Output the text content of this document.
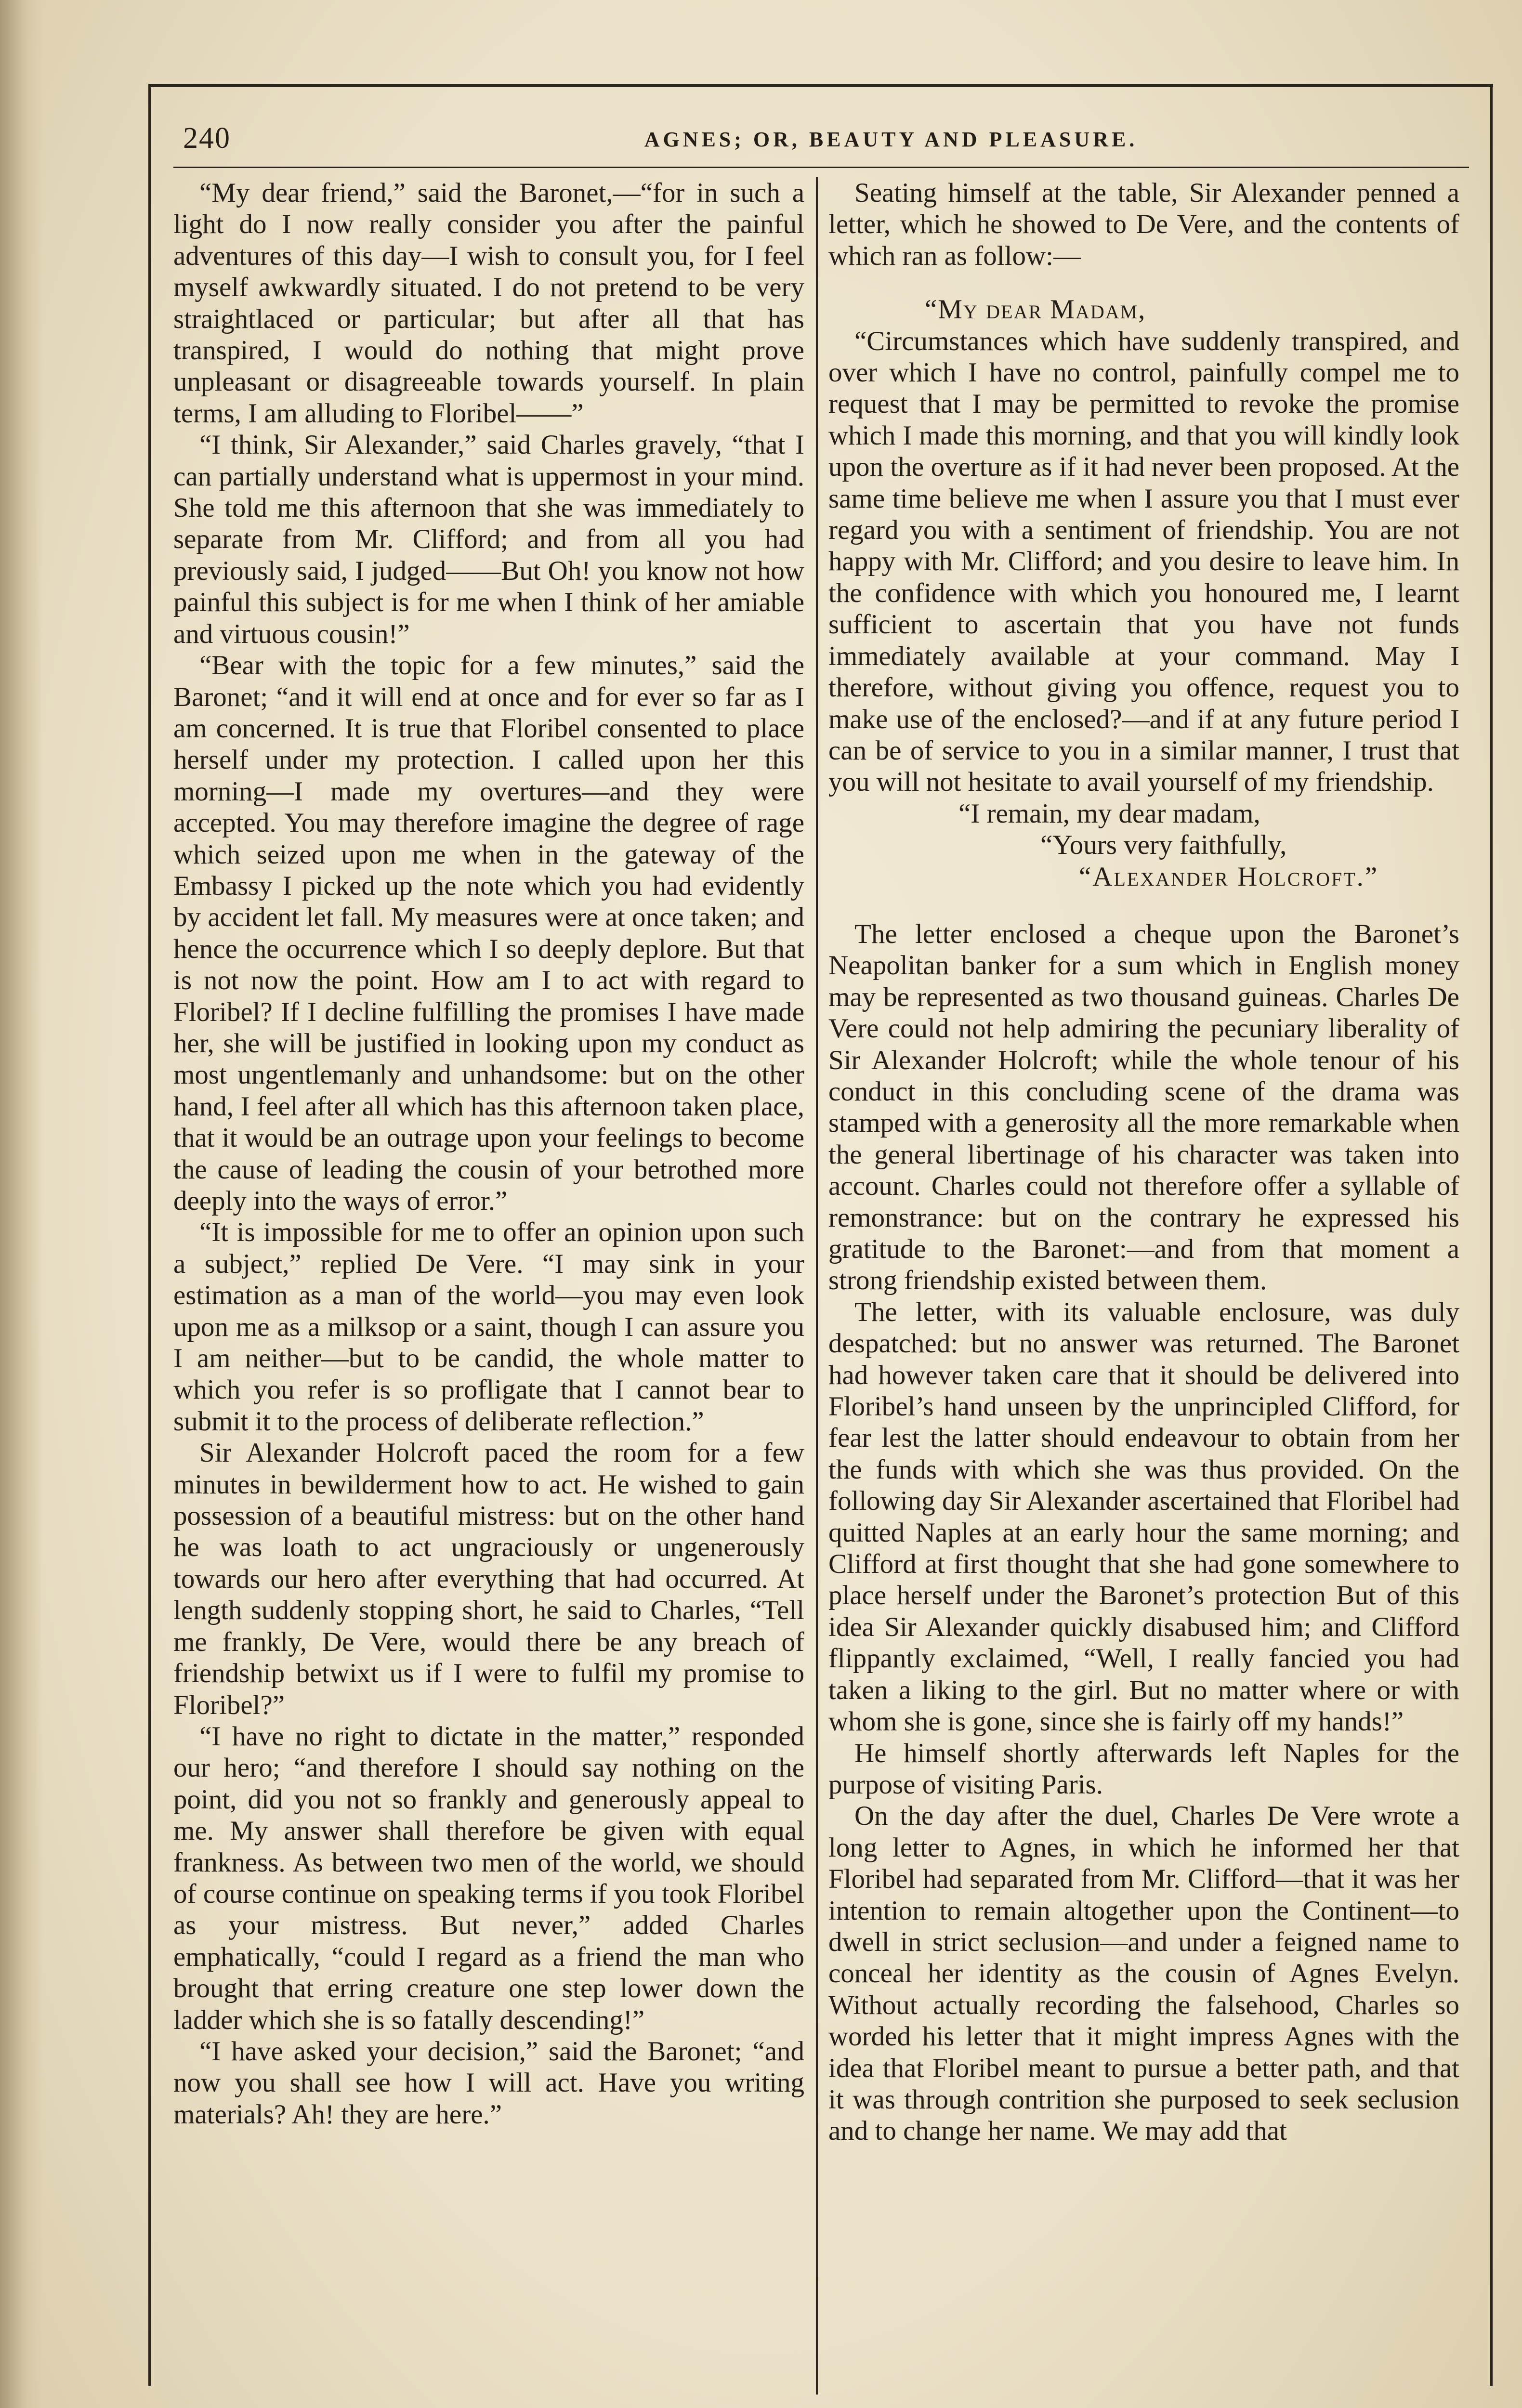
240	AGNES; OR, BEAUTY AND PLEASURE.

“My dear friend,” said the Baronet,—“for in such a light do I now really consider you after the painful adventures of this day—I wish to consult you, for I feel myself awkwardly situated. I do not pretend to be very straightlaced or particular; but after all that has transpired, I would do nothing that might prove unpleasant or disagreeable towards yourself. In plain terms, I am alluding to Floribel——”

“I think, Sir Alexander,” said Charles gravely, “that I can partially understand what is uppermost in your mind. She told me this afternoon that she was immediately to separate from Mr. Clifford; and from all you had previously said, I judged——But Oh! you know not how painful this subject is for me when I think of her amiable and virtuous cousin!”

“Bear with the topic for a few minutes,” said the Baronet; “and it will end at once and for ever so far as I am concerned. It is true that Floribel consented to place herself under my protection. I called upon her this morning—I made my overtures—and they were accepted. You may therefore imagine the degree of rage which seized upon me when in the gateway of the Embassy I picked up the note which you had evidently by accident let fall. My measures were at once taken; and hence the occurrence which I so deeply deplore. But that is not now the point. How am I to act with regard to Floribel? If I decline fulfilling the promises I have made her, she will be justified in looking upon my conduct as most ungentlemanly and unhandsome: but on the other hand, I feel after all which has this afternoon taken place, that it would be an outrage upon your feelings to become the cause of leading the cousin of your betrothed more deeply into the ways of error.”

“It is impossible for me to offer an opinion upon such a subject,” replied De Vere. “I may sink in your estimation as a man of the world—you may even look upon me as a milksop or a saint, though I can assure you I am neither—but to be candid, the whole matter to which you refer is so profligate that I cannot bear to submit it to the process of deliberate reflection.”

Sir Alexander Holcroft paced the room for a few minutes in bewilderment how to act. He wished to gain possession of a beautiful mistress: but on the other hand he was loath to act ungraciously or ungenerously towards our hero after everything that had occurred. At length suddenly stopping short, he said to Charles, “Tell me frankly, De Vere, would there be any breach of friendship betwixt us if I were to fulfil my promise to Floribel?”

“I have no right to dictate in the matter,” responded our hero; “and therefore I should say nothing on the point, did you not so frankly and generously appeal to me. My answer shall therefore be given with equal frankness. As between two men of the world, we should of course continue on speaking terms if you took Floribel as your mistress. But never,” added Charles emphatically, “could I regard as a friend the man who brought that erring creature one step lower down the ladder which she is so fatally descending!”

“I have asked your decision,” said the Baronet; “and now you shall see how I will act. Have you writing materials? Ah! they are here.”

Seating himself at the table, Sir Alexander penned a letter, which he showed to De Vere, and the contents of which ran as follow:—

“My dear Madam,

“Circumstances which have suddenly transpired, and over which I have no control, painfully compel me to request that I may be permitted to revoke the promise which I made this morning, and that you will kindly look upon the overture as if it had never been proposed. At the same time believe me when I assure you that I must ever regard you with a sentiment of friendship. You are not happy with Mr. Clifford; and you desire to leave him. In the confidence with which you honoured me, I learnt sufficient to ascertain that you have not funds immediately available at your command. May I therefore, without giving you offence, request you to make use of the enclosed?—and if at any future period I can be of service to you in a similar manner, I trust that you will not hesitate to avail yourself of my friendship.

“I remain, my dear madam,

“Yours very faithfully,

“Alexander Holcroft.”

The letter enclosed a cheque upon the Baronet’s Neapolitan banker for a sum which in English money may be represented as two thousand guineas. Charles De Vere could not help admiring the pecuniary liberality of Sir Alexander Holcroft; while the whole tenour of his conduct in this concluding scene of the drama was stamped with a generosity all the more remarkable when the general libertinage of his character was taken into account. Charles could not therefore offer a syllable of remonstrance: but on the contrary he expressed his gratitude to the Baronet:—and from that moment a strong friendship existed between them.

The letter, with its valuable enclosure, was duly despatched: but no answer was returned. The Baronet had however taken care that it should be delivered into Floribel’s hand unseen by the unprincipled Clifford, for fear lest the latter should endeavour to obtain from her the funds with which she was thus provided. On the following day Sir Alexander ascertained that Floribel had quitted Naples at an early hour the same morning; and Clifford at first thought that she had gone somewhere to place herself under the Baronet’s protection But of this idea Sir Alexander quickly disabused him; and Clifford flippantly exclaimed, “Well, I really fancied you had taken a liking to the girl. But no matter where or with whom she is gone, since she is fairly off my hands!”

He himself shortly afterwards left Naples for the purpose of visiting Paris.

On the day after the duel, Charles De Vere wrote a long letter to Agnes, in which he informed her that Floribel had separated from Mr. Clifford—that it was her intention to remain altogether upon the Continent—to dwell in strict seclusion—and under a feigned name to conceal her identity as the cousin of Agnes Evelyn. Without actually recording the falsehood, Charles so worded his letter that it might impress Agnes with the idea that Floribel meant to pursue a better path, and that it was through contrition she purposed to seek seclusion and to change her name. We may add that
